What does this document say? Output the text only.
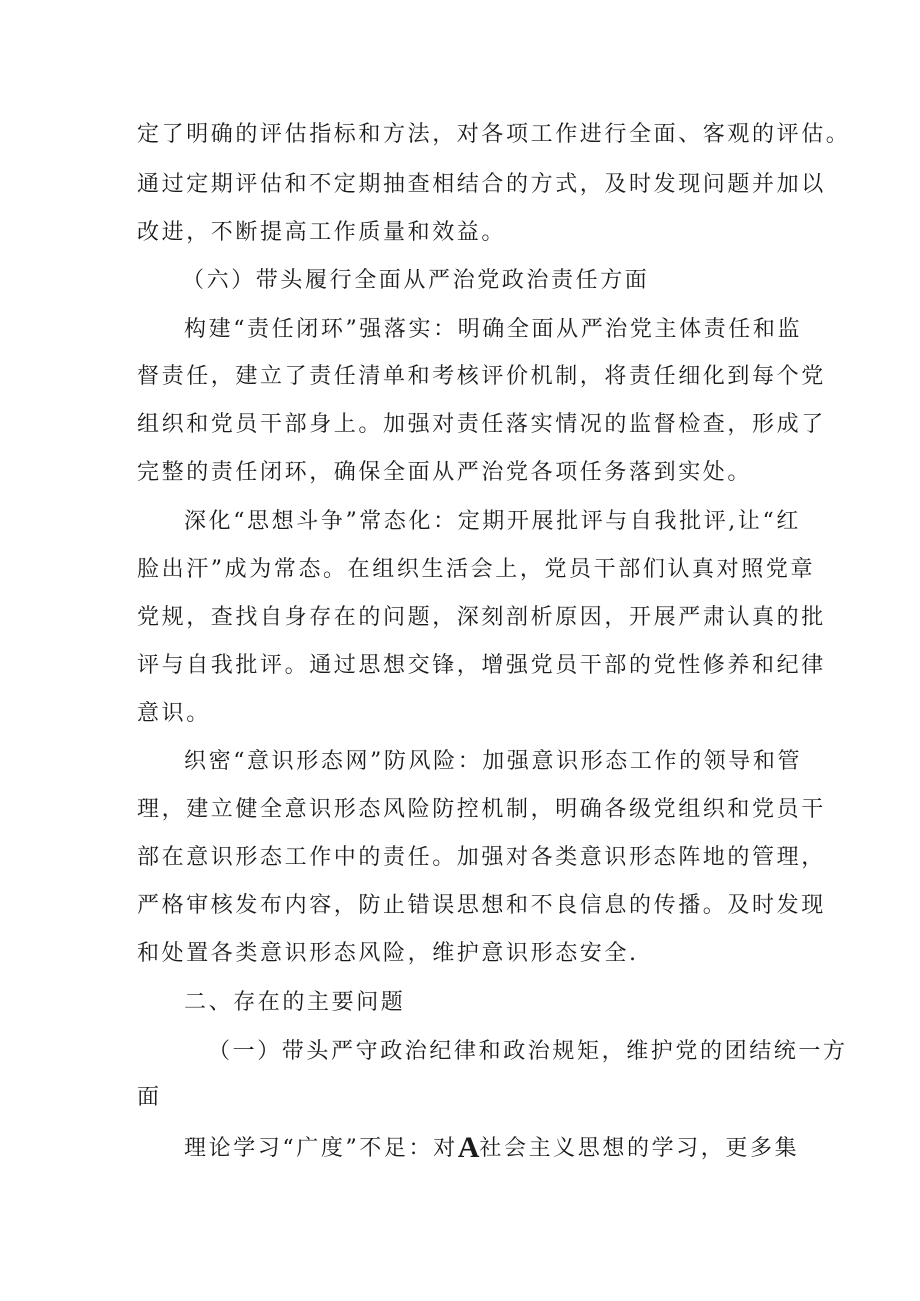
定了明确的评估指标和方法，对各项工作进行全面、客观的评估。
通过定期评估和不定期抽查相结合的方式，及时发现问题并加以
改进，不断提高工作质量和效益。
（六）带头履行全面从严治党政治责任方面
构建“责任闭环”强落实：明确全面从严治党主体责任和监
督责任，建立了责任清单和考核评价机制，将责任细化到每个党
组织和党员干部身上。加强对责任落实情况的监督检查，形成了
完整的责任闭环，确保全面从严治党各项任务落到实处。
深化“思想斗争”常态化：定期开展批评与自我批评,让“红
脸出汗”成为常态。在组织生活会上，党员干部们认真对照党章
党规，查找自身存在的问题，深刻剖析原因，开展严肃认真的批
评与自我批评。通过思想交锋，增强党员干部的党性修养和纪律
意识。
织密“意识形态网”防风险：加强意识形态工作的领导和管
理，建立健全意识形态风险防控机制，明确各级党组织和党员干
部在意识形态工作中的责任。加强对各类意识形态阵地的管理，
严格审核发布内容，防止错误思想和不良信息的传播。及时发现
和处置各类意识形态风险，维护意识形态安全.
二、存在的主要问题
（一）带头严守政治纪律和政治规矩，维护党的团结统一方
面
理论学习“广度”不足：对A社会主义思想的学习，更多集
